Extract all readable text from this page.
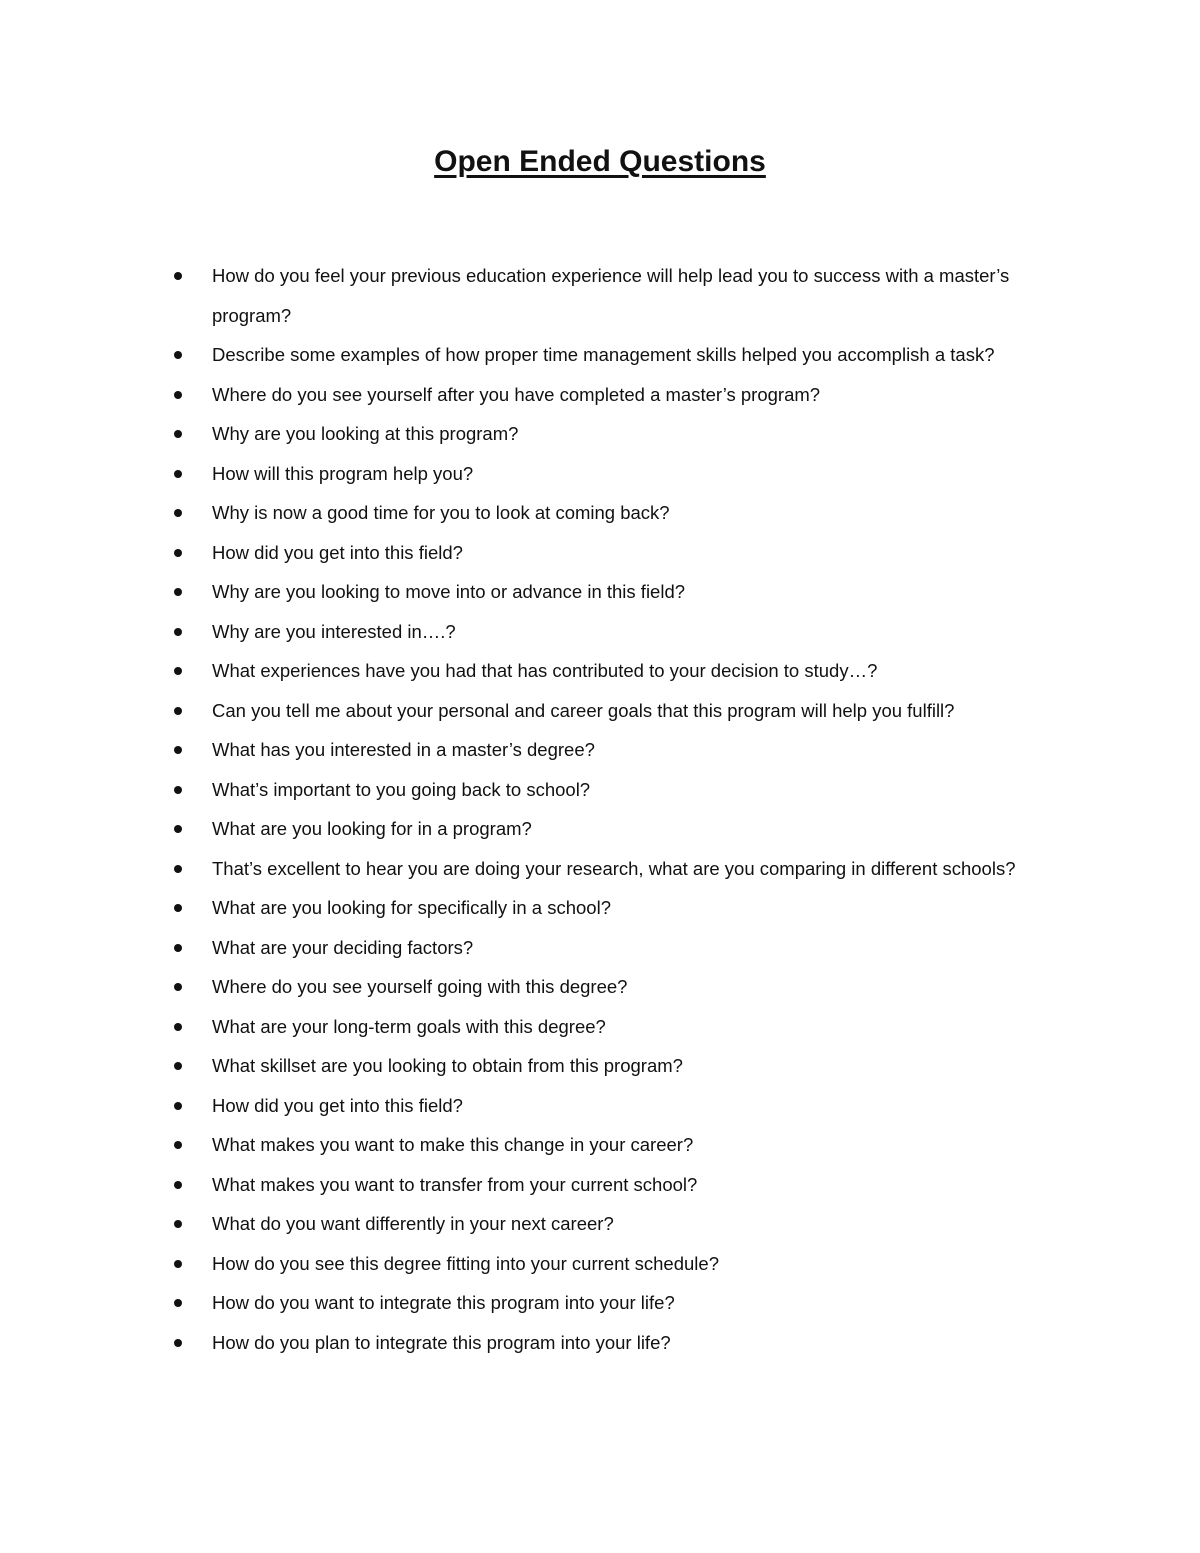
Open Ended Questions
How do you feel your previous education experience will help lead you to success with a master’s program?
Describe some examples of how proper time management skills helped you accomplish a task?
Where do you see yourself after you have completed a master’s program?
Why are you looking at this program?
How will this program help you?
Why is now a good time for you to look at coming back?
How did you get into this field?
Why are you looking to move into or advance in this field?
Why are you interested in….?
What experiences have you had that has contributed to your decision to study…?
Can you tell me about your personal and career goals that this program will help you fulfill?
What has you interested in a master’s degree?
What’s important to you going back to school?
What are you looking for in a program?
That’s excellent to hear you are doing your research, what are you comparing in different schools?
What are you looking for specifically in a school?
What are your deciding factors?
Where do you see yourself going with this degree?
What are your long-term goals with this degree?
What skillset are you looking to obtain from this program?
How did you get into this field?
What makes you want to make this change in your career?
What makes you want to transfer from your current school?
What do you want differently in your next career?
How do you see this degree fitting into your current schedule?
How do you want to integrate this program into your life?
How do you plan to integrate this program into your life?
